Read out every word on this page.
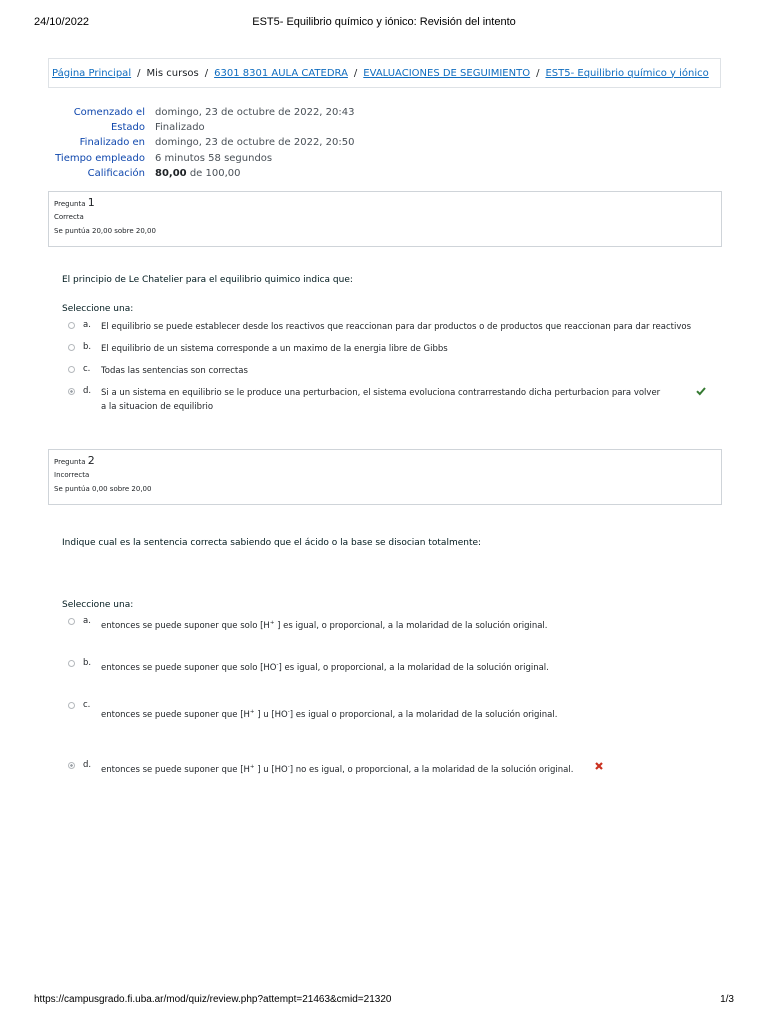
24/10/2022	EST5- Equilibrio químico y iónico: Revisión del intento
Página Principal / Mis cursos / 6301 8301 AULA CATEDRA / EVALUACIONES DE SEGUIMIENTO / EST5- Equilibrio químico y iónico
Comenzado el	domingo, 23 de octubre de 2022, 20:43
Estado	Finalizado
Finalizado en	domingo, 23 de octubre de 2022, 20:50
Tiempo empleado	6 minutos 58 segundos
Calificación	80,00 de 100,00
Pregunta 1
Correcta
Se puntúa 20,00 sobre 20,00
El principio de Le Chatelier para el equilibrio quimico indica que:
Seleccione una:
a. El equilibrio se puede establecer desde los reactivos que reaccionan para dar productos o de productos que reaccionan para dar reactivos
b. El equilibrio de un sistema corresponde a un maximo de la energia libre de Gibbs
c. Todas las sentencias son correctas
d. Si a un sistema en equilibrio se le produce una perturbacion, el sistema evoluciona contrarrestando dicha perturbacion para volver a la situacion de equilibrio
Pregunta 2
Incorrecta
Se puntúa 0,00 sobre 20,00
Indique cual es la sentencia correcta sabiendo que el ácido o la base se disocian totalmente:
Seleccione una:
a. entonces se puede suponer que solo [H+ ] es igual, o proporcional, a la molaridad de la solución original.
b. entonces se puede suponer que solo [HO-] es igual, o proporcional, a la molaridad de la solución original.
c.
entonces se puede suponer que [H+ ] u [HO-] es igual o proporcional, a la molaridad de la solución original.
d. entonces se puede suponer que [H+ ] u [HO-] no es igual, o proporcional, a la molaridad de la solución original.
https://campusgrado.fi.uba.ar/mod/quiz/review.php?attempt=21463&cmid=21320	1/3
